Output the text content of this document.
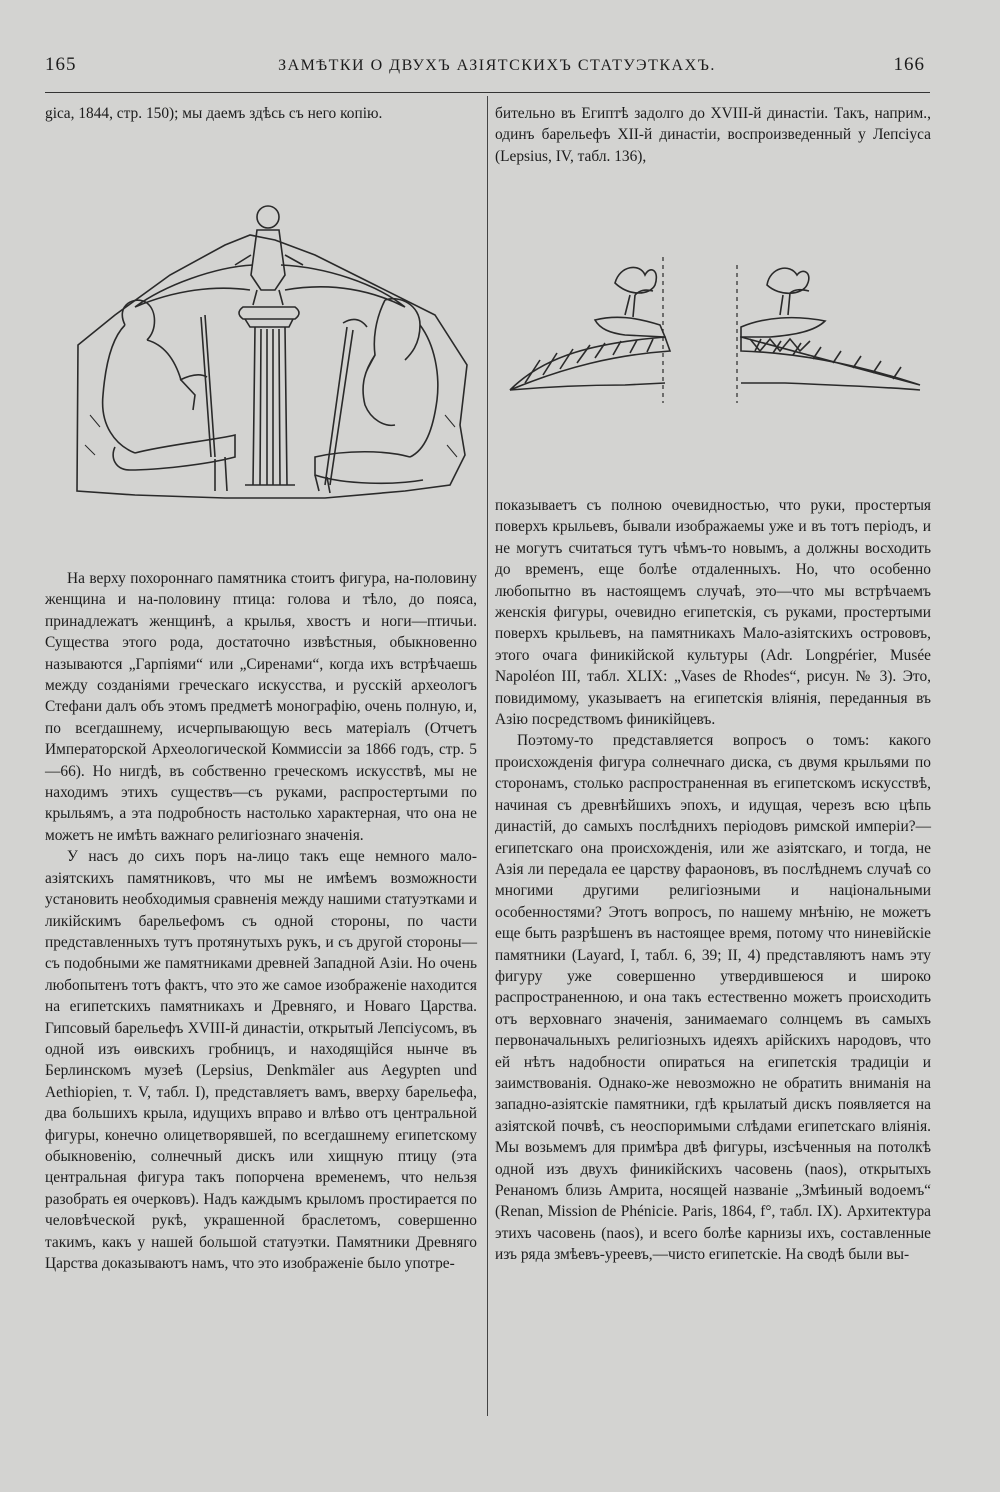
165	ЗАМѢТКИ О ДВУХЪ АЗІЯТСКИХЪ СТАТУЭТКАХЪ.	166

gica, 1844, стр. 150); мы даемъ здѣсь съ него копію.

На верху похороннаго памятника стоитъ фигура, на-половину женщина и на-половину птица: голова и тѣло, до пояса, принадлежатъ женщинѣ, а крылья, хвостъ и ноги—птичьи. Существа этого рода, достаточно извѣстныя, обыкновенно называются „Гарпіями“ или „Сиренами“, когда ихъ встрѣчаешь между созданіями греческаго искусства, и русскій археологъ Стефани далъ объ этомъ предметѣ монографію, очень полную, и, по всегдашнему, исчерпывающую весь матеріалъ (Отчетъ Императорской Археологической Коммиссіи за 1866 годъ, стр. 5—66). Но нигдѣ, въ собственно греческомъ искусствѣ, мы не находимъ этихъ существъ—съ руками, распростертыми по крыльямъ, а эта подробность настолько характерная, что она не можетъ не имѣть важнаго религіознаго значенія.

У насъ до сихъ поръ на-лицо такъ еще немного мало-азіятскихъ памятниковъ, что мы не имѣемъ возможности установить необходимыя сравненія между нашими статуэтками и ликійскимъ барельефомъ съ одной стороны, по части представленныхъ тутъ протянутыхъ рукъ, и съ другой стороны—съ подобными же памятниками древней Западной Азіи. Но очень любопытенъ тотъ фактъ, что это же самое изображеніе находится на египетскихъ памятникахъ и Древняго, и Новаго Царства. Гипсовый барельефъ XVIII-й династіи, открытый Лепсіусомъ, въ одной изъ өивскихъ гробницъ, и находящійся нынче въ Берлинскомъ музеѣ (Lepsius, Denkmäler aus Aegypten und Aethiopien, т. V, табл. I), представляетъ вамъ, вверху барельефа, два большихъ крыла, идущихъ вправо и влѣво отъ центральной фигуры, конечно олицетворявшей, по всегдашнему египетскому обыкновенію, солнечный дискъ или хищную птицу (эта центральная фигура такъ попорчена временемъ, что нельзя разобрать ея очерковъ). Надъ каждымъ крыломъ простирается по человѣческой рукѣ, украшенной браслетомъ, совершенно такимъ, какъ у нашей большой статуэтки. Памятники Древняго Царства доказываютъ намъ, что это изображеніе было употре-

бительно въ Египтѣ задолго до XVIII-й династіи. Такъ, наприм., одинъ барельефъ XII-й династіи, воспроизведенный у Лепсіуса (Lepsius, IV, табл. 136),

показываетъ съ полною очевидностью, что руки, простертыя поверхъ крыльевъ, бывали изображаемы уже и въ тотъ періодъ, и не могутъ считаться тутъ чѣмъ-то новымъ, а должны восходить до временъ, еще болѣе отдаленныхъ. Но, что особенно любопытно въ настоящемъ случаѣ, это—что мы встрѣчаемъ женскія фигуры, очевидно египетскія, съ руками, простертыми поверхъ крыльевъ, на памятникахъ Мало-азіятскихъ острововъ, этого очага финикійской культуры (Adr. Longpérier, Musée Napoléon III, табл. XLIX: „Vases de Rhodes“, рисун. № 3). Это, повидимому, указываетъ на египетскія вліянія, переданныя въ Азію посредствомъ финикійцевъ.

Поэтому-то представляется вопросъ о томъ: какого происхожденія фигура солнечнаго диска, съ двумя крыльями по сторонамъ, столько распространенная въ египетскомъ искусствѣ, начиная съ древнѣйшихъ эпохъ, и идущая, черезъ всю цѣпь династій, до самыхъ послѣднихъ періодовъ римской имперіи?—египетскаго она происхожденія, или же азіятскаго, и тогда, не Азія ли передала ее царству фараоновъ, въ послѣднемъ случаѣ со многими другими религіозными и національными особенностями? Этотъ вопросъ, по нашему мнѣнію, не можетъ еще быть разрѣшенъ въ настоящее время, потому что ниневійскіе памятники (Layard, I, табл. 6, 39; II, 4) представляютъ намъ эту фигуру уже совершенно утвердившеюся и широко распространенною, и она такъ естественно можетъ происходить отъ верховнаго значенія, занимаемаго солнцемъ въ самыхъ первоначальныхъ религіозныхъ идеяхъ арійскихъ народовъ, что ей нѣтъ надобности опираться на египетскія традиціи и заимствованія. Однако-же невозможно не обратить вниманія на западно-азіятскіе памятники, гдѣ крылатый дискъ появляется на азіятской почвѣ, съ неоспоримыми слѣдами египетскаго вліянія. Мы возьмемъ для примѣра двѣ фигуры, изсѣченныя на потолкѣ одной изъ двухъ финикійскихъ часовень (naos), открытыхъ Ренаномъ близь Амрита, носящей названіе „Змѣиный водоемъ“ (Renan, Mission de Phénicie. Paris, 1864, f°, табл. IX). Архитектура этихъ часовень (naos), и всего болѣе карнизы ихъ, составленные изъ ряда змѣевъ-уреевъ,—чисто египетскіе. На сводѣ были вы-
